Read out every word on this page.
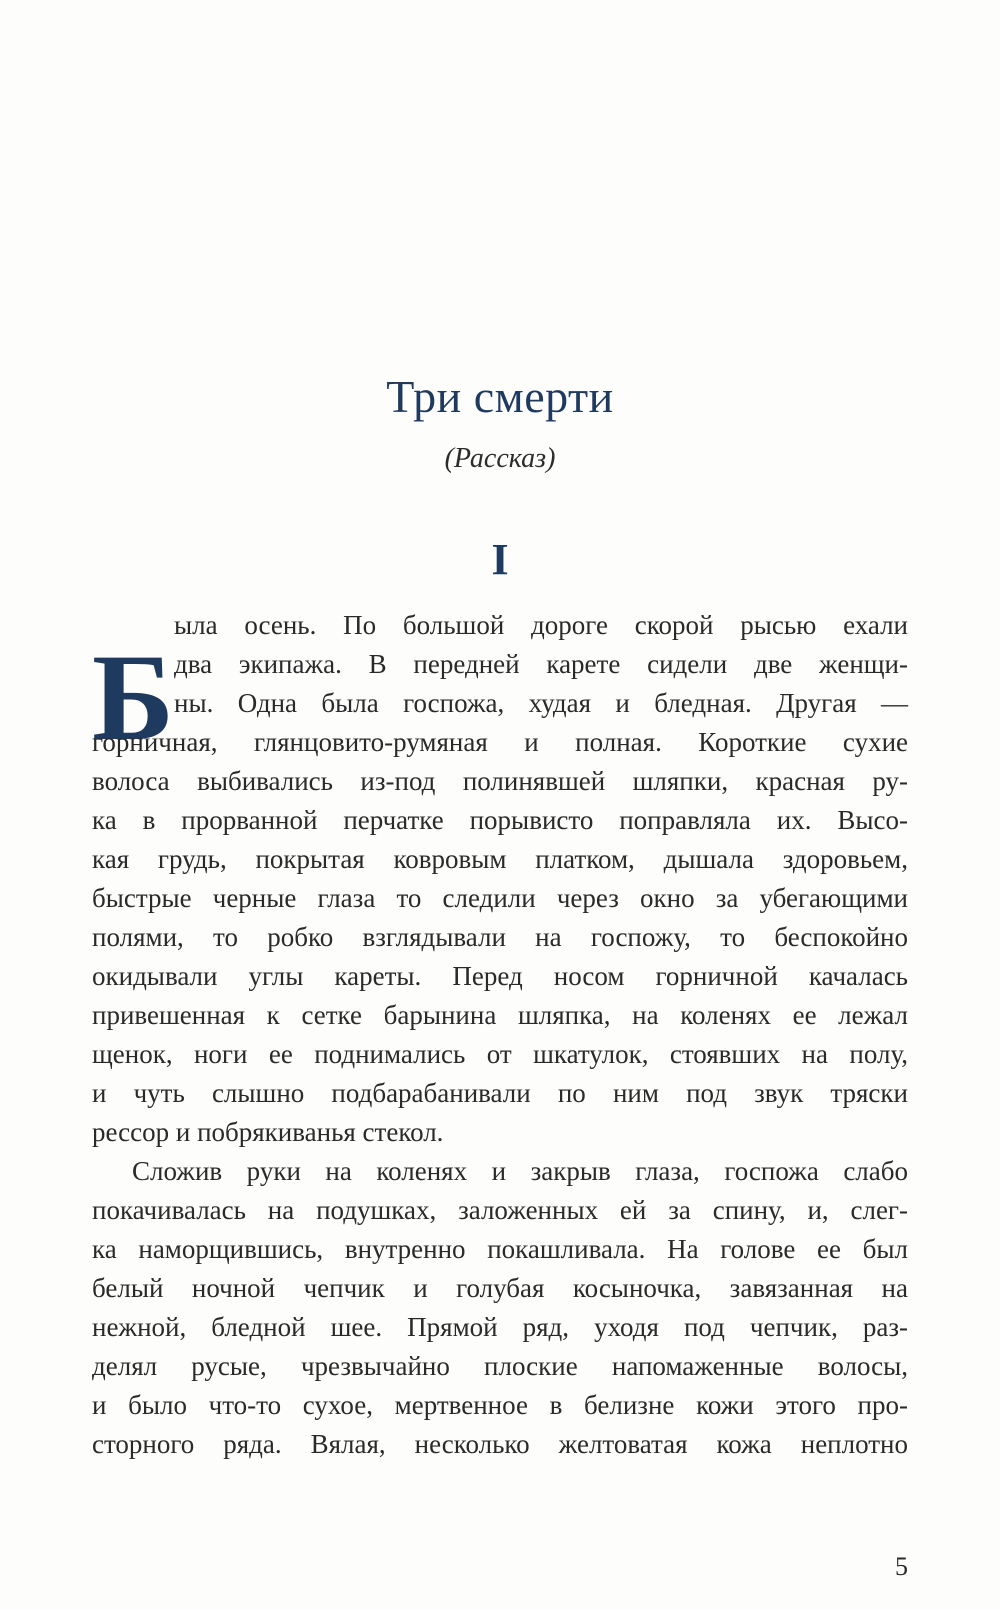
Три смерти

(Рассказ)

I
Б
ыла осень. По большой дороге скорой рысью ехали
два экипажа. В передней карете сидели две женщи-
ны. Одна была госпожа, худая и бледная. Другая —
горничная, глянцовито-румяная и полная. Короткие сухие
волоса выбивались из-под полинявшей шляпки, красная ру-
ка в прорванной перчатке порывисто поправляла их. Высо-
кая грудь, покрытая ковровым платком, дышала здоровьем,
быстрые черные глаза то следили через окно за убегающими
полями, то робко взглядывали на госпожу, то беспокойно
окидывали углы кареты. Перед носом горничной качалась
привешенная к сетке барынина шляпка, на коленях ее лежал
щенок, ноги ее поднимались от шкатулок, стоявших на полу,
и чуть слышно подбарабанивали по ним под звук тряски
рессор и побрякиванья стекол.
Сложив руки на коленях и закрыв глаза, госпожа слабо
покачивалась на подушках, заложенных ей за спину, и, слег-
ка наморщившись, внутренно покашливала. На голове ее был
белый ночной чепчик и голубая косыночка, завязанная на
нежной, бледной шее. Прямой ряд, уходя под чепчик, раз-
делял русые, чрезвычайно плоские напомаженные волосы,
и было что-то сухое, мертвенное в белизне кожи этого про-
сторного ряда. Вялая, несколько желтоватая кожа неплотно
5
